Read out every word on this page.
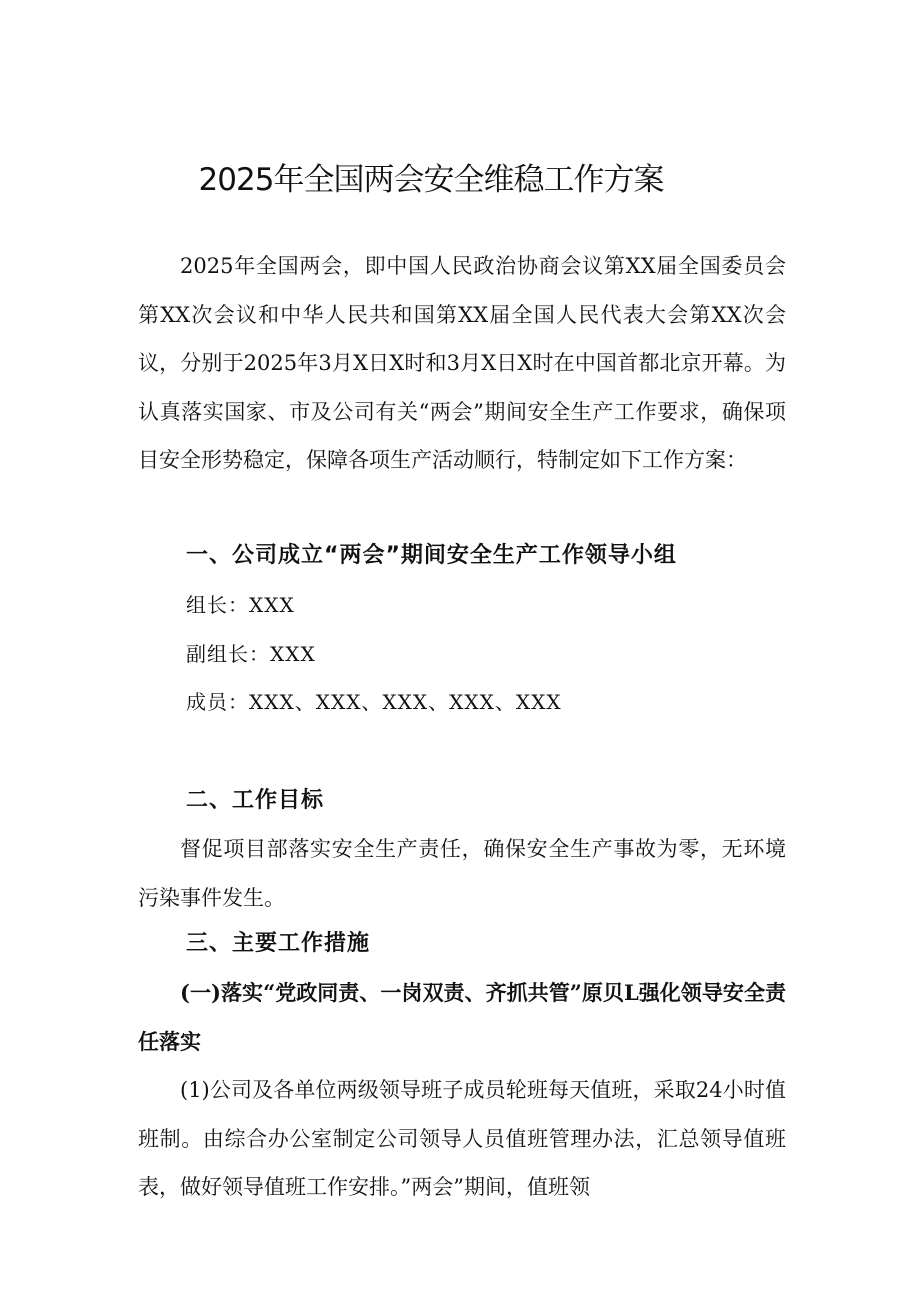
2025年全国两会安全维稳工作方案

2025年全国两会，即中国人民政治协商会议第XX届全国委员会第XX次会议和中华人民共和国第XX届全国人民代表大会第XX次会议，分别于2025年3月X日X时和3月X日X时在中国首都北京开幕。为认真落实国家、市及公司有关“两会”期间安全生产工作要求，确保项目安全形势稳定，保障各项生产活动顺行，特制定如下工作方案：

一、公司成立“两会”期间安全生产工作领导小组

组长：XXX

副组长：XXX

成员：XXX、XXX、XXX、XXX、XXX

二、工作目标

督促项目部落实安全生产责任，确保安全生产事故为零，无环境污染事件发生。

三、主要工作措施

(一)落实“党政同责、一岗双责、齐抓共管”原贝L强化领导安全责任落实

(1)公司及各单位两级领导班子成员轮班每天值班，采取24小时值班制。由综合办公室制定公司领导人员值班管理办法，汇总领导值班表，做好领导值班工作安排。”两会”期间，值班领
